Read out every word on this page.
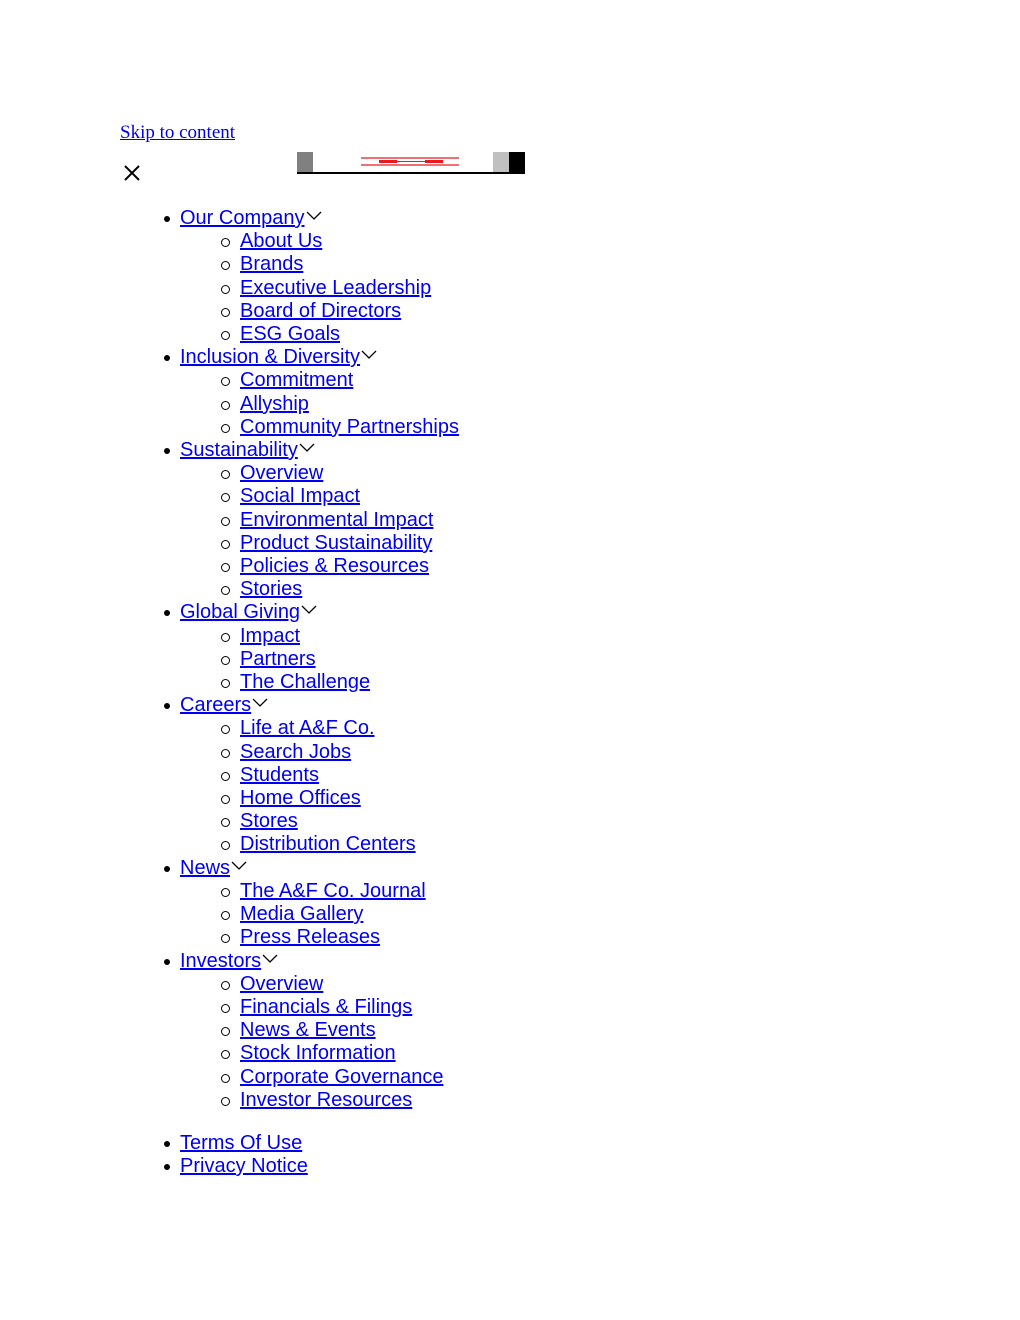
Skip to content
Our Company
About Us
Brands
Executive Leadership
Board of Directors
ESG Goals
Inclusion & Diversity
Commitment
Allyship
Community Partnerships
Sustainability
Overview
Social Impact
Environmental Impact
Product Sustainability
Policies & Resources
Stories
Global Giving
Impact
Partners
The Challenge
Careers
Life at A&F Co.
Search Jobs
Students
Home Offices
Stores
Distribution Centers
News
The A&F Co. Journal
Media Gallery
Press Releases
Investors
Overview
Financials & Filings
News & Events
Stock Information
Corporate Governance
Investor Resources
Terms Of Use
Privacy Notice
